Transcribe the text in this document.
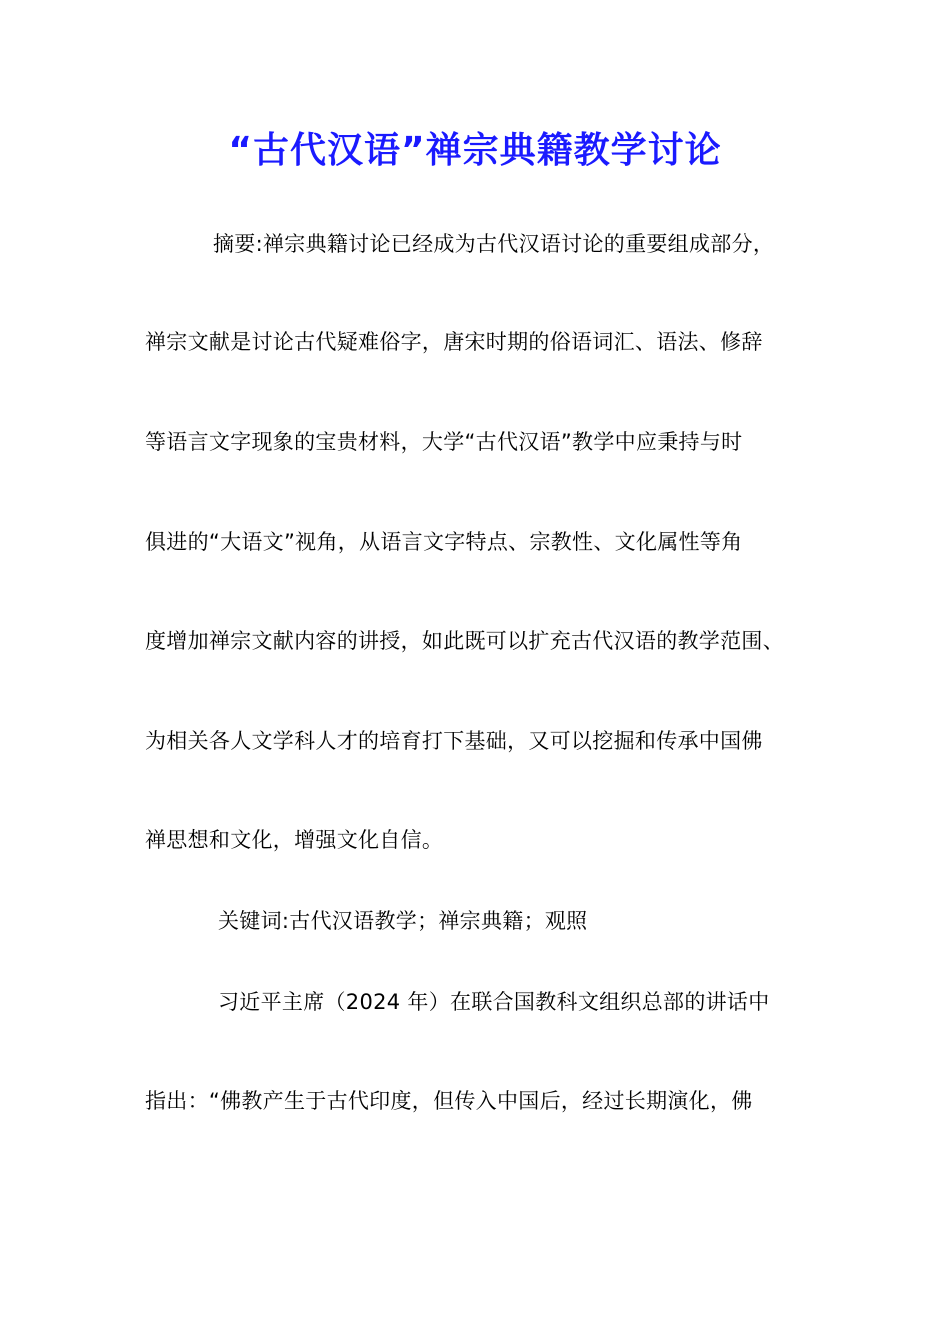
“古代汉语”禅宗典籍教学讨论
摘要:禅宗典籍讨论已经成为古代汉语讨论的重要组成部分，
禅宗文献是讨论古代疑难俗字，唐宋时期的俗语词汇、语法、修辞
等语言文字现象的宝贵材料，大学“古代汉语”教学中应秉持与时
俱进的“大语文”视角，从语言文字特点、宗教性、文化属性等角
度增加禅宗文献内容的讲授，如此既可以扩充古代汉语的教学范围、
为相关各人文学科人才的培育打下基础，又可以挖掘和传承中国佛
禅思想和文化，增强文化自信。
关键词:古代汉语教学；禅宗典籍；观照
习近平主席（2024 年）在联合国教科文组织总部的讲话中
指出：“佛教产生于古代印度，但传入中国后，经过长期演化，佛
